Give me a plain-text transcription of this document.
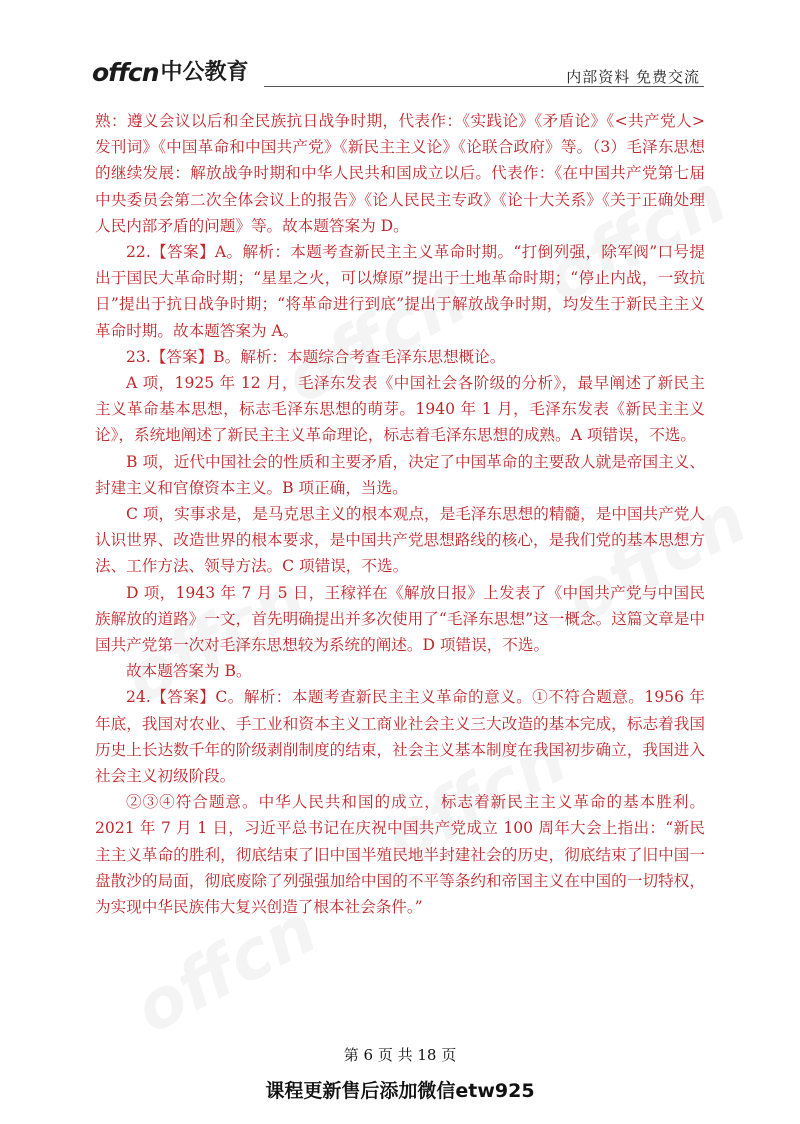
offcn 中公教育	内部资料 免费交流

熟：遵义会议以后和全民族抗日战争时期，代表作：《实践论》《矛盾论》《<共产党人>发刊词》《中国革命和中国共产党》《新民主主义论》《论联合政府》等。（3）毛泽东思想的继续发展：解放战争时期和中华人民共和国成立以后。代表作：《在中国共产党第七届中央委员会第二次全体会议上的报告》《论人民民主专政》《论十大关系》《关于正确处理人民内部矛盾的问题》等。故本题答案为 D。

22.【答案】A。解析：本题考查新民主主义革命时期。“打倒列强，除军阀”口号提出于国民大革命时期；“星星之火，可以燎原”提出于土地革命时期；“停止内战，一致抗日”提出于抗日战争时期；“将革命进行到底”提出于解放战争时期，均发生于新民主主义革命时期。故本题答案为 A。

23.【答案】B。解析：本题综合考查毛泽东思想概论。

A 项，1925 年 12 月，毛泽东发表《中国社会各阶级的分析》，最早阐述了新民主主义革命基本思想，标志毛泽东思想的萌芽。1940 年 1 月，毛泽东发表《新民主主义论》，系统地阐述了新民主主义革命理论，标志着毛泽东思想的成熟。A 项错误，不选。

B 项，近代中国社会的性质和主要矛盾，决定了中国革命的主要敌人就是帝国主义、封建主义和官僚资本主义。B 项正确，当选。

C 项，实事求是，是马克思主义的根本观点，是毛泽东思想的精髓，是中国共产党人认识世界、改造世界的根本要求，是中国共产党思想路线的核心，是我们党的基本思想方法、工作方法、领导方法。C 项错误，不选。

D 项，1943 年 7 月 5 日，王稼祥在《解放日报》上发表了《中国共产党与中国民族解放的道路》一文，首先明确提出并多次使用了“毛泽东思想”这一概念。这篇文章是中国共产党第一次对毛泽东思想较为系统的阐述。D 项错误，不选。

故本题答案为 B。

24.【答案】C。解析：本题考查新民主主义革命的意义。①不符合题意。1956 年年底，我国对农业、手工业和资本主义工商业社会主义三大改造的基本完成，标志着我国历史上长达数千年的阶级剥削制度的结束，社会主义基本制度在我国初步确立，我国进入社会主义初级阶段。

②③④符合题意。中华人民共和国的成立，标志着新民主主义革命的基本胜利。2021 年 7 月 1 日，习近平总书记在庆祝中国共产党成立 100 周年大会上指出：“新民主主义革命的胜利，彻底结束了旧中国半殖民地半封建社会的历史，彻底结束了旧中国一盘散沙的局面，彻底废除了列强强加给中国的不平等条约和帝国主义在中国的一切特权，为实现中华民族伟大复兴创造了根本社会条件。”

第 6 页 共 18 页
课程更新售后添加微信etw925
